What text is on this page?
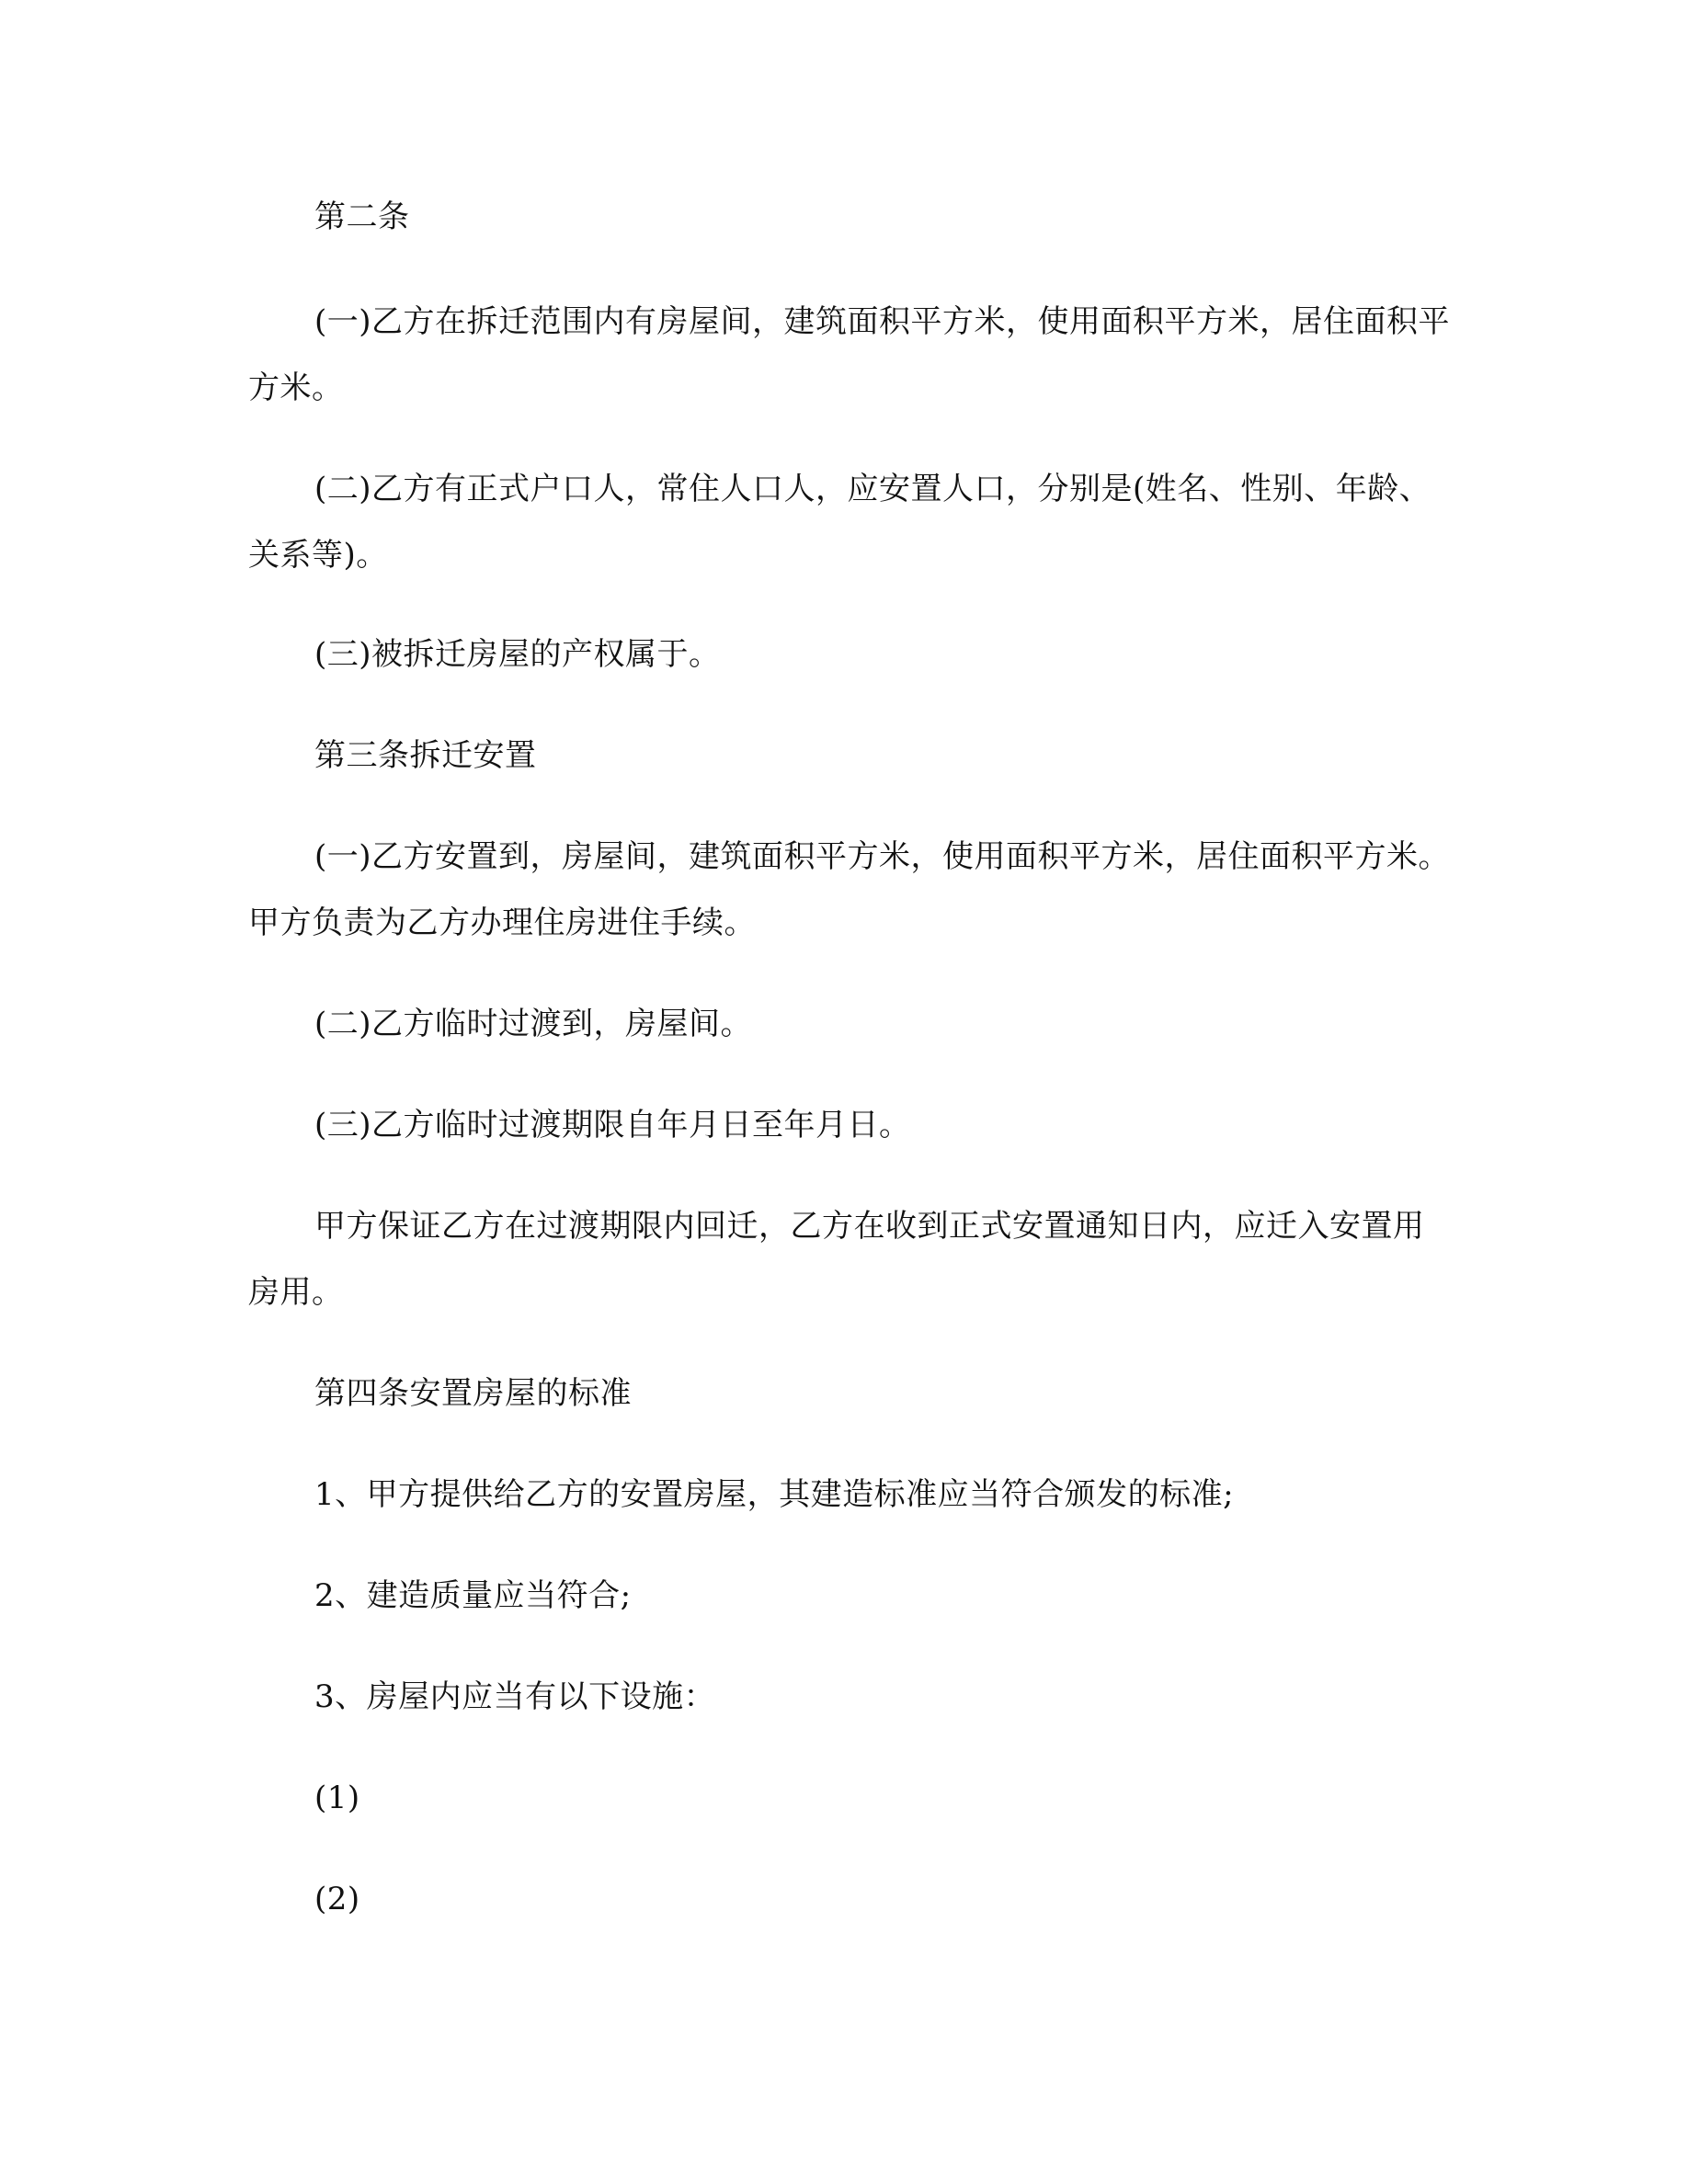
第二条

(一)乙方在拆迁范围内有房屋间，建筑面积平方米，使用面积平方米，居住面积平方米。

(二)乙方有正式户口人，常住人口人，应安置人口，分别是(姓名、性别、年龄、关系等)。

(三)被拆迁房屋的产权属于。

第三条拆迁安置

(一)乙方安置到，房屋间，建筑面积平方米，使用面积平方米，居住面积平方米。甲方负责为乙方办理住房进住手续。

(二)乙方临时过渡到，房屋间。

(三)乙方临时过渡期限自年月日至年月日。

甲方保证乙方在过渡期限内回迁，乙方在收到正式安置通知日内，应迁入安置用房用。

第四条安置房屋的标准

1、甲方提供给乙方的安置房屋，其建造标准应当符合颁发的标准;

2、建造质量应当符合;

3、房屋内应当有以下设施：

(1)

(2)
